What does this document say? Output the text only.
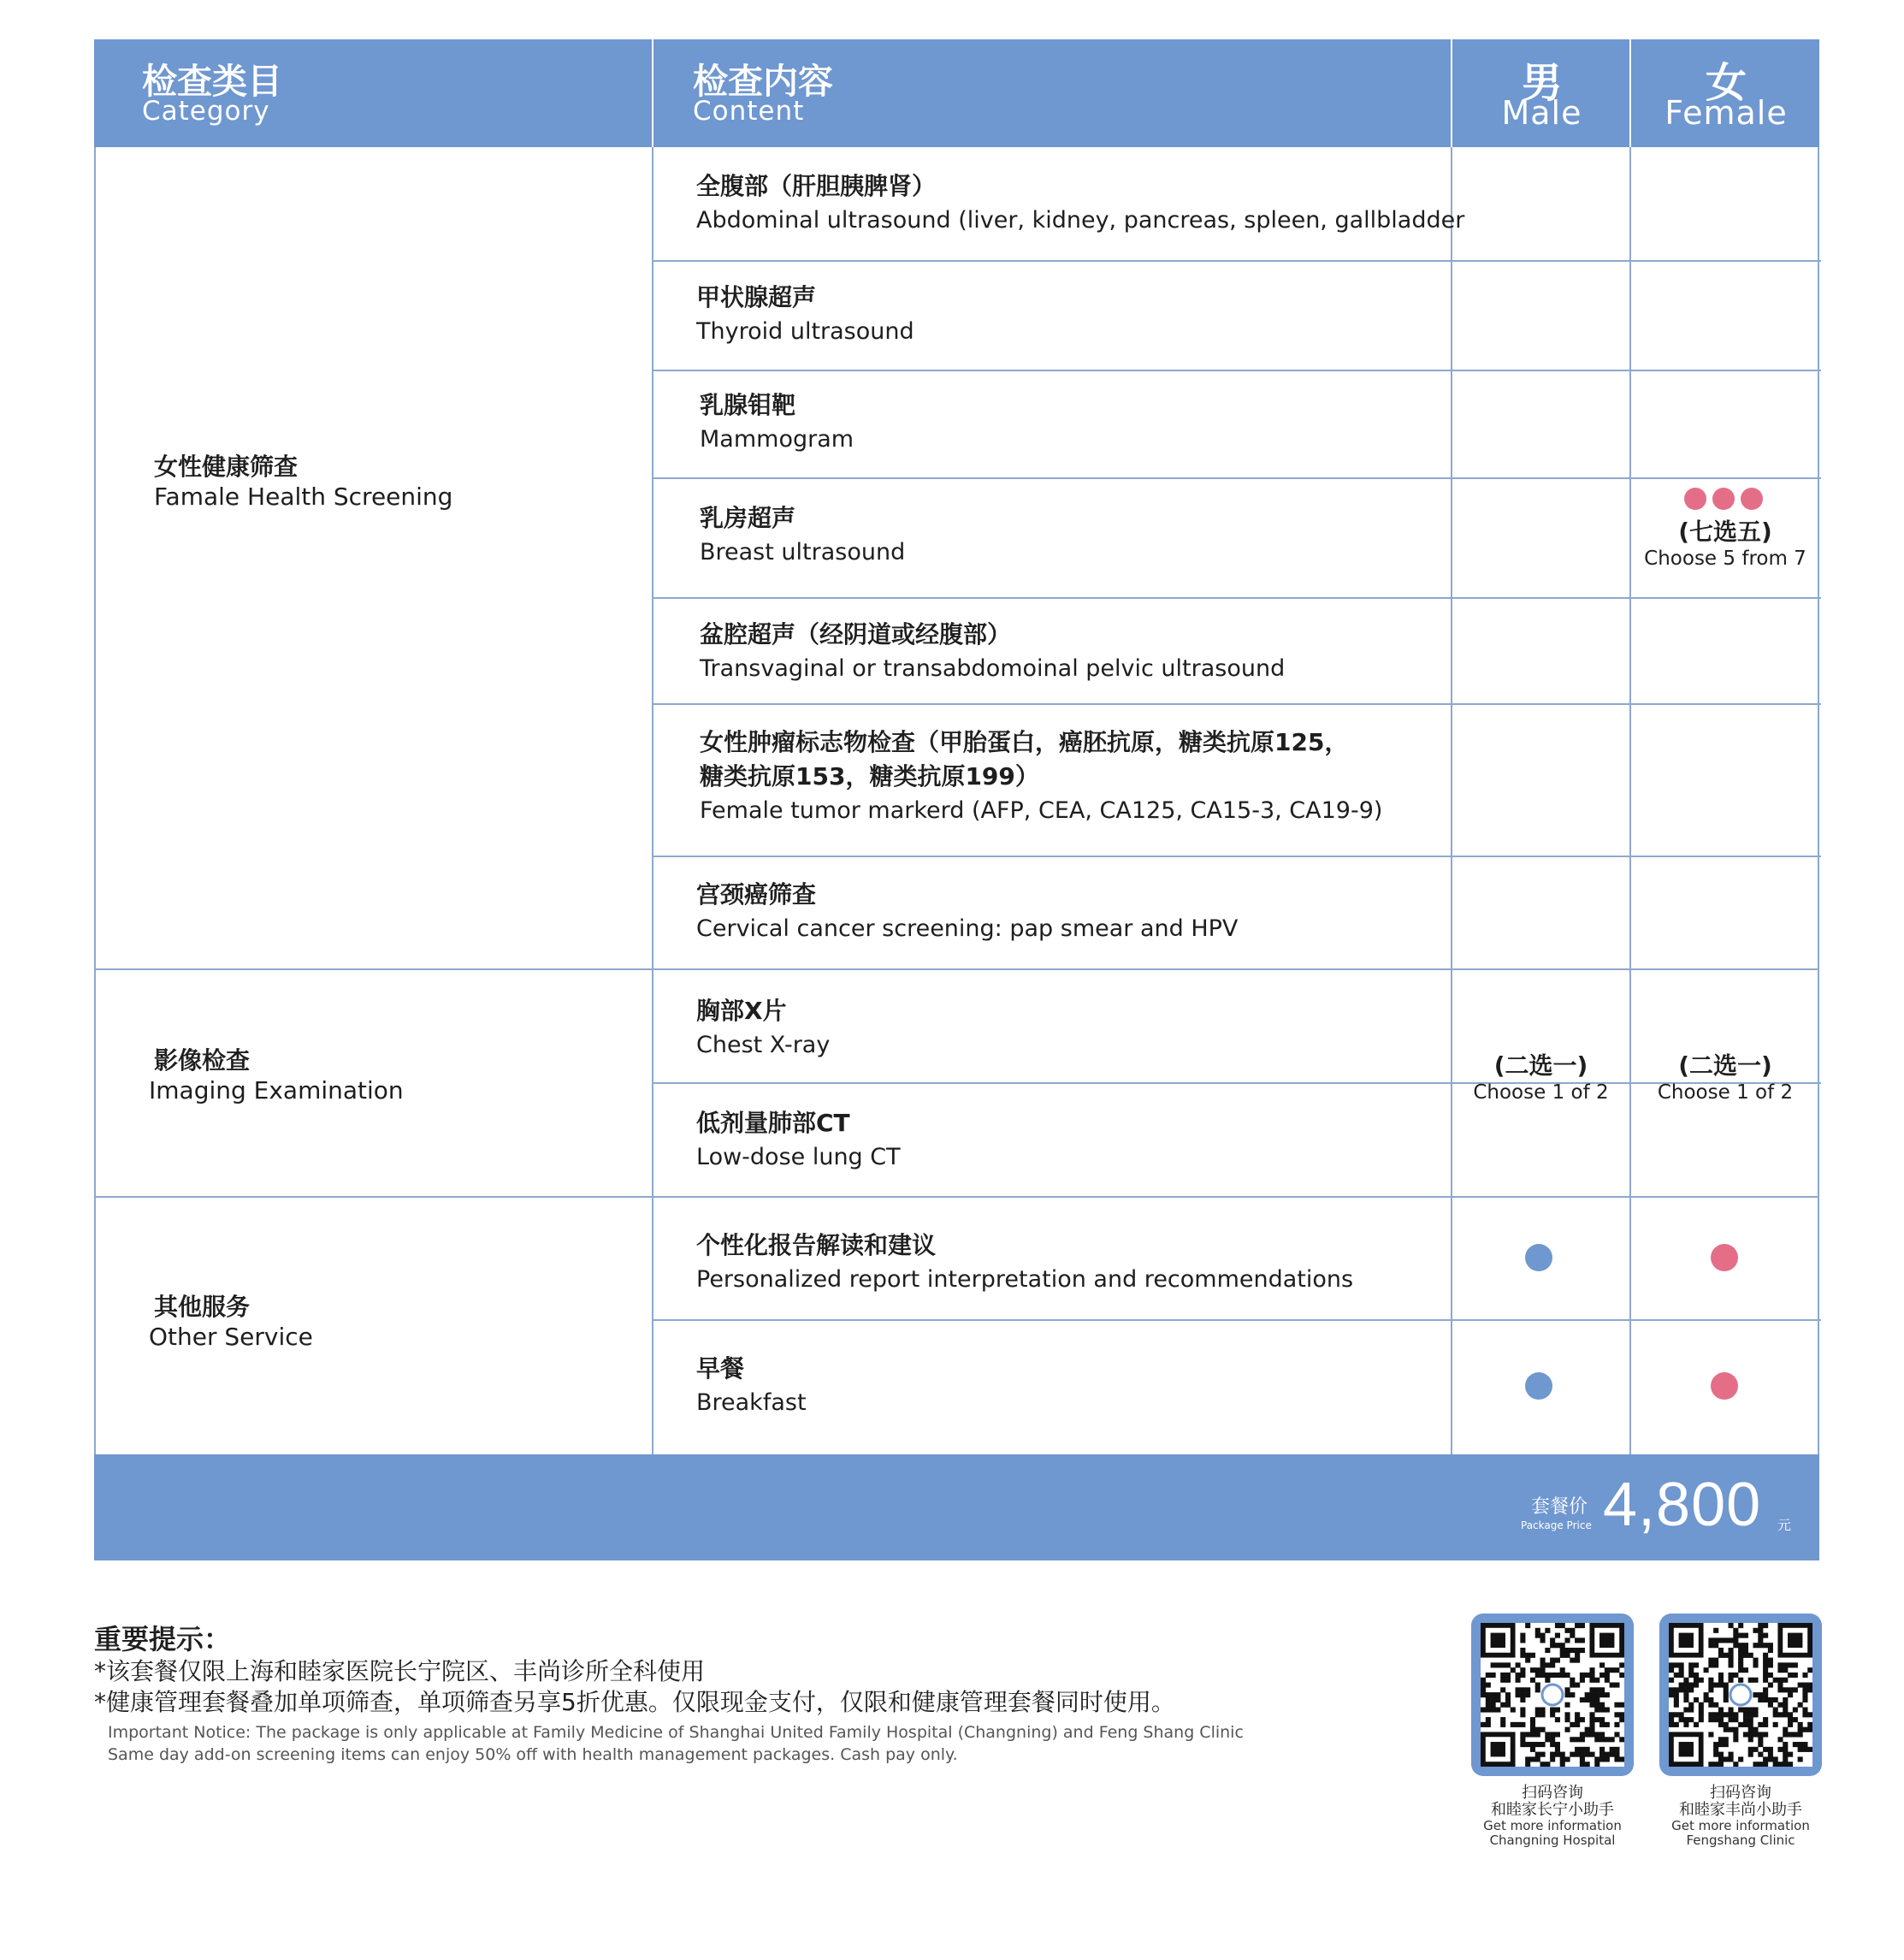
检查类目
Category
检查内容
Content
男
Male
女
Female
女性健康筛查
Famale Health Screening
全腹部（肝胆胰脾肾）
Abdominal ultrasound (liver, kidney, pancreas, spleen, gallbladder
甲状腺超声
Thyroid ultrasound
乳腺钼靶
Mammogram
乳房超声
Breast ultrasound
盆腔超声（经阴道或经腹部）
Transvaginal or transabdomoinal pelvic ultrasound
女性肿瘤标志物检查（甲胎蛋白，癌胚抗原，糖类抗原125，
糖类抗原153，糖类抗原199）
Female tumor markerd (AFP, CEA, CA125, CA15-3, CA19-9)
宫颈癌筛查
Cervical cancer screening: pap smear and HPV
(七选五)
Choose 5 from 7
影像检查
Imaging Examination
胸部X片
Chest X-ray
低剂量肺部CT
Low-dose lung CT
(二选一)
Choose 1 of 2
(二选一)
Choose 1 of 2
其他服务
Other Service
个性化报告解读和建议
Personalized report interpretation and recommendations
早餐
Breakfast
套餐价
Package Price 4,800 元
重要提示：
*该套餐仅限上海和睦家医院长宁院区、丰尚诊所全科使用
*健康管理套餐叠加单项筛查，单项筛查另享5折优惠。仅限现金支付，仅限和健康管理套餐同时使用。
Important Notice: The package is only applicable at Family Medicine of Shanghai United Family Hospital (Changning) and Feng Shang Clinic
Same day add-on screening items can enjoy 50% off with health management packages. Cash pay only.
扫码咨询
和睦家长宁小助手
Get more information
Changning Hospital
扫码咨询
和睦家丰尚小助手
Get more information
Fengshang Clinic
